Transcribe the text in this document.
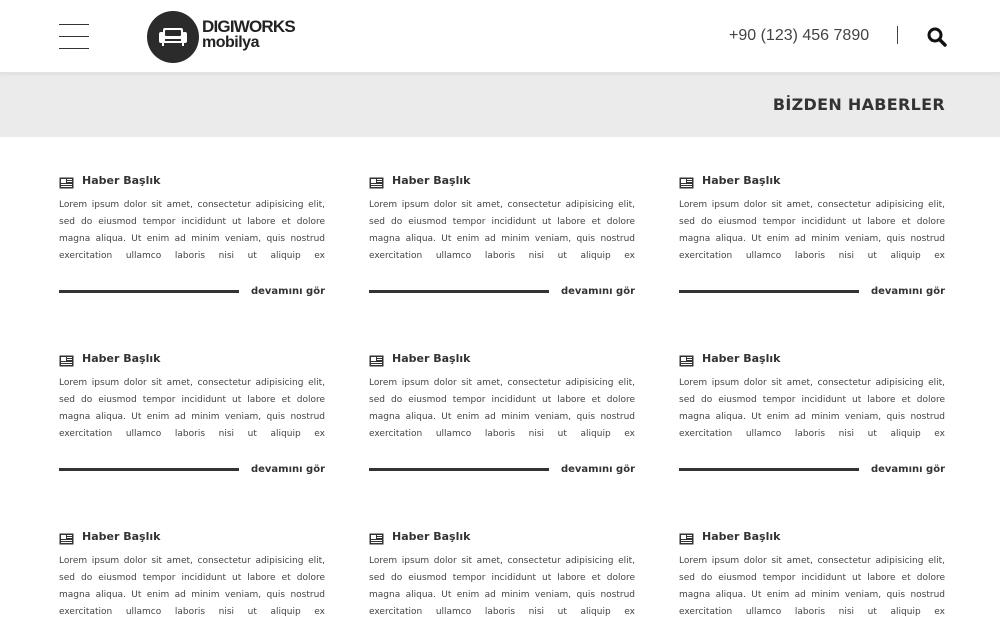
DIGIWORKS
mobilya	+90 (123) 456 7890
BİZDEN HABERLER
Haber Başlık
Lorem ipsum dolor sit amet, consectetur adipisicing elit, sed do eiusmod tempor incididunt ut labore et dolore magna aliqua. Ut enim ad minim veniam, quis nostrud exercitation ullamco laboris nisi ut aliquip ex
devamını gör
Haber Başlık
Lorem ipsum dolor sit amet, consectetur adipisicing elit, sed do eiusmod tempor incididunt ut labore et dolore magna aliqua. Ut enim ad minim veniam, quis nostrud exercitation ullamco laboris nisi ut aliquip ex
devamını gör
Haber Başlık
Lorem ipsum dolor sit amet, consectetur adipisicing elit, sed do eiusmod tempor incididunt ut labore et dolore magna aliqua. Ut enim ad minim veniam, quis nostrud exercitation ullamco laboris nisi ut aliquip ex
devamını gör
Haber Başlık
Lorem ipsum dolor sit amet, consectetur adipisicing elit, sed do eiusmod tempor incididunt ut labore et dolore magna aliqua. Ut enim ad minim veniam, quis nostrud exercitation ullamco laboris nisi ut aliquip ex
devamını gör
Haber Başlık
Lorem ipsum dolor sit amet, consectetur adipisicing elit, sed do eiusmod tempor incididunt ut labore et dolore magna aliqua. Ut enim ad minim veniam, quis nostrud exercitation ullamco laboris nisi ut aliquip ex
devamını gör
Haber Başlık
Lorem ipsum dolor sit amet, consectetur adipisicing elit, sed do eiusmod tempor incididunt ut labore et dolore magna aliqua. Ut enim ad minim veniam, quis nostrud exercitation ullamco laboris nisi ut aliquip ex
devamını gör
Haber Başlık
Lorem ipsum dolor sit amet, consectetur adipisicing elit, sed do eiusmod tempor incididunt ut labore et dolore magna aliqua. Ut enim ad minim veniam, quis nostrud exercitation ullamco laboris nisi ut aliquip ex
Haber Başlık
Lorem ipsum dolor sit amet, consectetur adipisicing elit, sed do eiusmod tempor incididunt ut labore et dolore magna aliqua. Ut enim ad minim veniam, quis nostrud exercitation ullamco laboris nisi ut aliquip ex
Haber Başlık
Lorem ipsum dolor sit amet, consectetur adipisicing elit, sed do eiusmod tempor incididunt ut labore et dolore magna aliqua. Ut enim ad minim veniam, quis nostrud exercitation ullamco laboris nisi ut aliquip ex
